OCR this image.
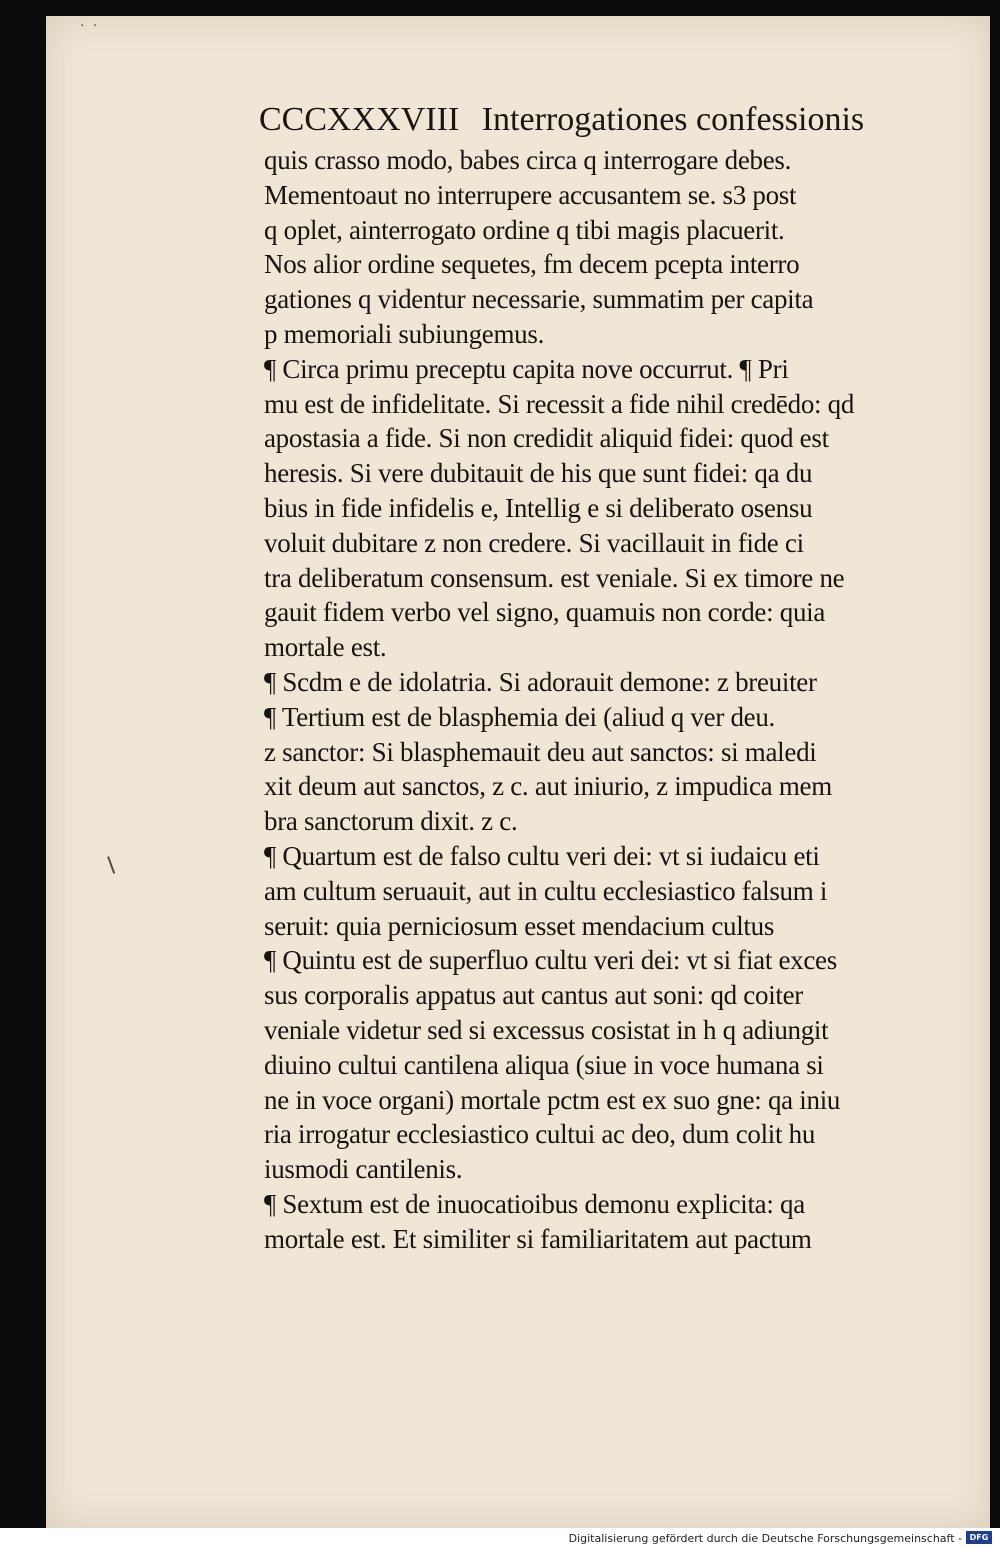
· ·
CCCXXXVIII Interrogationes confessionis
quis crasso modo, babes circa q interrogare debes.
Mementoaut no interrupere accusantem se. s3 post
q oplet, ainterrogato ordine q tibi magis placuerit.
Nos alior ordine sequetes, fm decem pcepta interro
gationes q videntur necessarie, summatim per capita
p memoriali subiungemus.
¶ Circa primu preceptu capita nove occurrut. ¶ Pri
mu est de infidelitate. Si recessit a fide nihil credēdo: qd
apostasia a fide. Si non credidit aliquid fidei: quod est
heresis. Si vere dubitauit de his que sunt fidei: qa du
bius in fide infidelis e, Intellig e si deliberato osensu
voluit dubitare z non credere. Si vacillauit in fide ci
tra deliberatum consensum. est veniale. Si ex timore ne
gauit fidem verbo vel signo, quamuis non corde: quia
mortale est.
¶ Scdm e de idolatria. Si adorauit demone: z breuiter
¶ Tertium est de blasphemia dei (aliud q ver deu.
z sanctor: Si blasphemauit deu aut sanctos: si maledi
xit deum aut sanctos, z c. aut iniurio, z impudica mem
bra sanctorum dixit. z c.
¶ Quartum est de falso cultu veri dei: vt si iudaicu eti
am cultum seruauit, aut in cultu ecclesiastico falsum i
seruit: quia perniciosum esset mendacium cultus
¶ Quintu est de superfluo cultu veri dei: vt si fiat exces
sus corporalis appatus aut cantus aut soni: qd coiter
veniale videtur sed si excessus cosistat in h q adiungit
diuino cultui cantilena aliqua (siue in voce humana si
ne in voce organi) mortale pctm est ex suo gne: qa iniu
ria irrogatur ecclesiastico cultui ac deo, dum colit hu
iusmodi cantilenis.
¶ Sextum est de inuocatioibus demonu explicita: qa
mortale est. Et similiter si familiaritatem aut pactum
Digitalisierung gefördert durch die Deutsche Forschungsgemeinschaft - DFG
